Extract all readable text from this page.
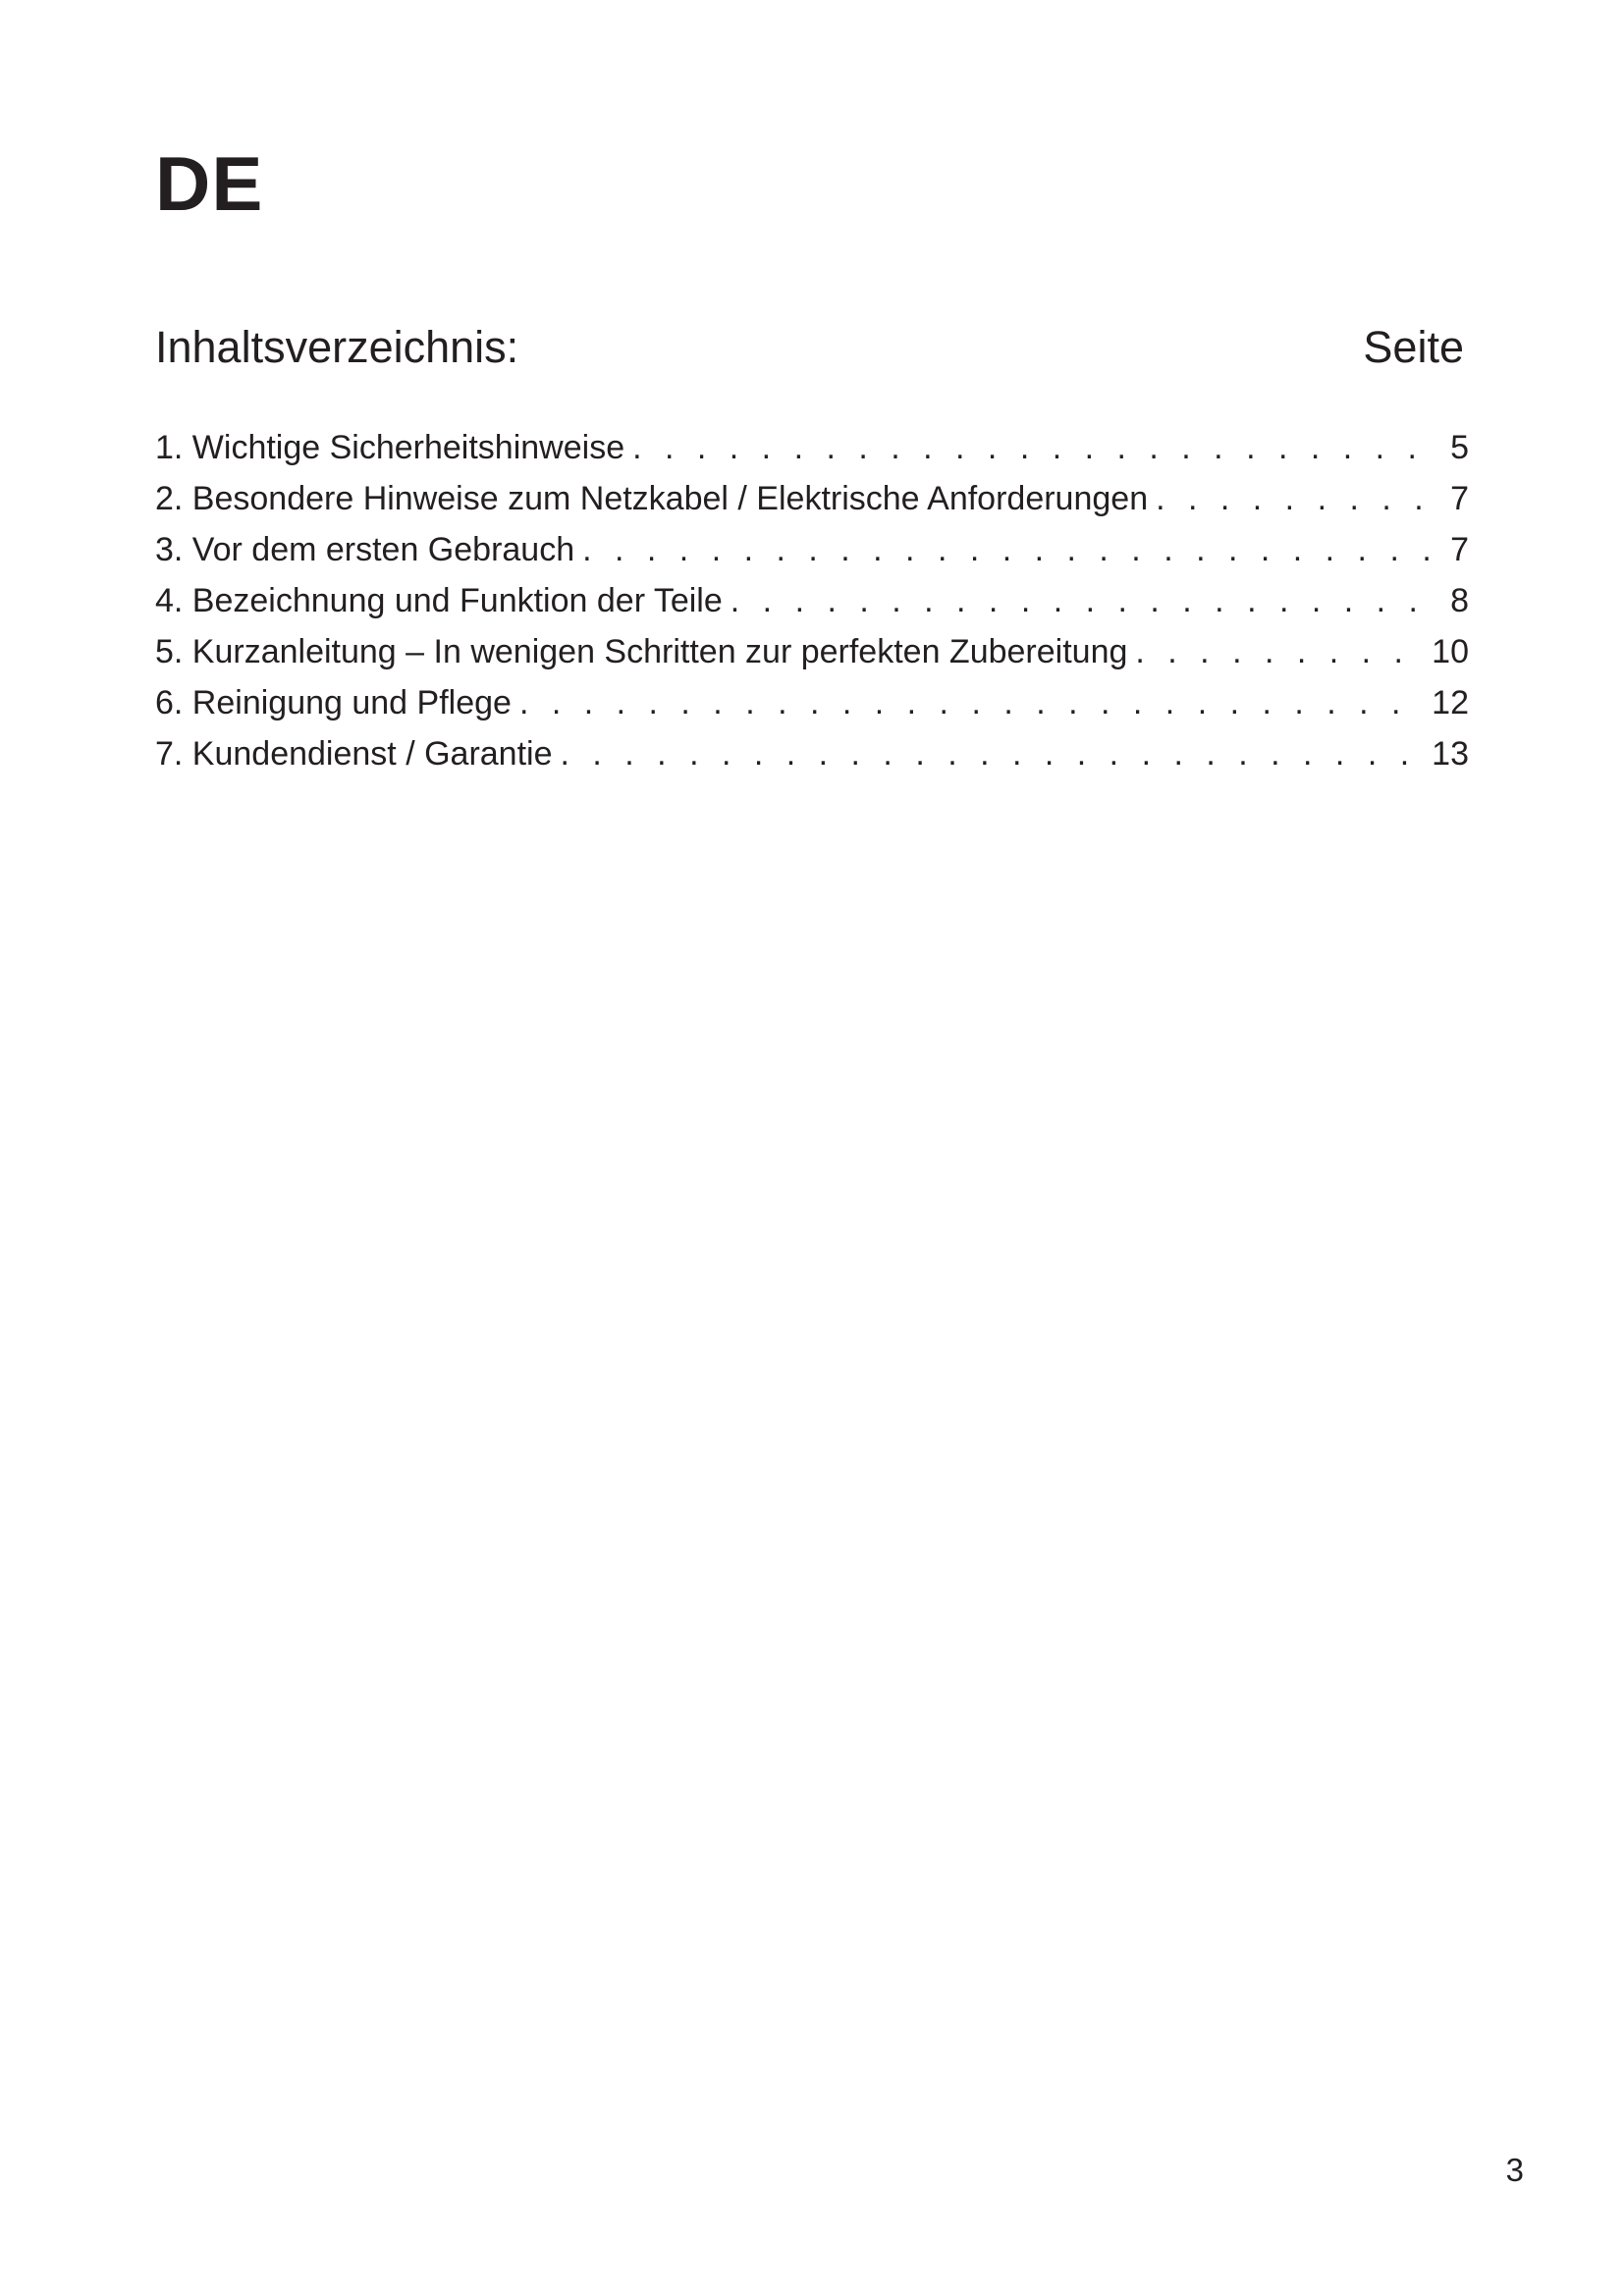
DE
Inhaltsverzeichnis:	Seite
1. Wichtige Sicherheitshinweise . . .	5
2. Besondere Hinweise zum Netzkabel / Elektrische Anforderungen . . .	7
3. Vor dem ersten Gebrauch . . .	7
4. Bezeichnung und Funktion der Teile . . .	8
5. Kurzanleitung – In wenigen Schritten zur perfekten Zubereitung . . .	10
6. Reinigung und Pflege . . .	12
7. Kundendienst / Garantie . . .	13
3
